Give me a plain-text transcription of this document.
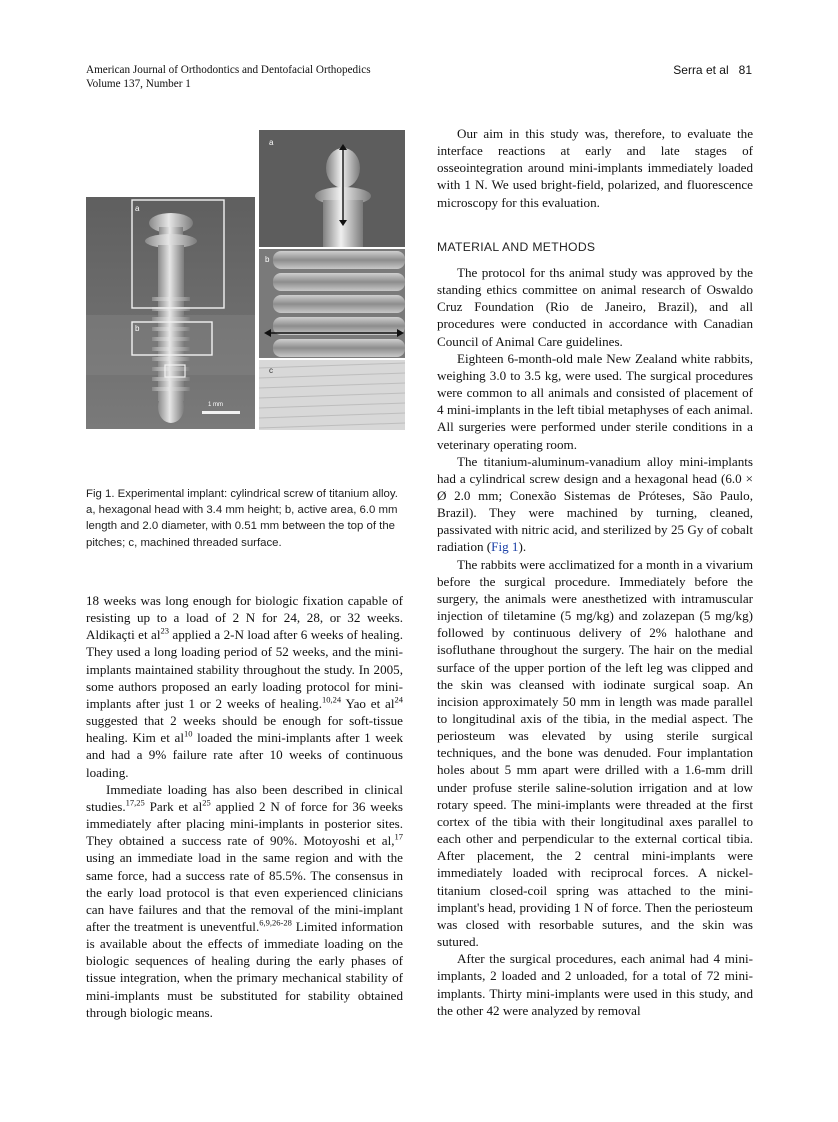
American Journal of Orthodontics and Dentofacial Orthopedics
Volume 137, Number 1
Serra et al 81
a
b
1 mm
a
b
c
Fig 1. Experimental implant: cylindrical screw of titanium alloy. a, hexagonal head with 3.4 mm height; b, active area, 6.0 mm length and 2.0 diameter, with 0.51 mm between the top of the pitches; c, machined threaded surface.

18 weeks was long enough for biologic fixation capable of resisting up to a load of 2 N for 24, 28, or 32 weeks. Aldikaçti et $al^{23}$ applied a 2-N load after 6 weeks of healing. They used a long loading period of 52 weeks, and the mini-implants maintained stability throughout the study. In 2005, some authors proposed an early loading protocol for mini-implants after just 1 or 2 weeks of healing.$^{10,24}$ Yao et $al^{24}$ suggested that 2 weeks should be enough for soft-tissue healing. Kim et $al^{10}$ loaded the mini-implants after 1 week and had a 9% failure rate after 10 weeks of continuous loading.

Immediate loading has also been described in clinical studies.$^{17,25}$ Park et $al^{25}$ applied 2 N of force for 36 weeks immediately after placing mini-implants in posterior sites. They obtained a success rate of 90%. Motoyoshi et al,$^{17}$ using an immediate load in the same region and with the same force, had a success rate of 85.5%. The consensus in the early load protocol is that even experienced clinicians can have failures and that the removal of the mini-implant after the treatment is uneventful.$^{6,9,26-28}$ Limited information is available about the effects of immediate loading on the biologic sequences of healing during the early phases of tissue integration, when the primary mechanical stability of mini-implants must be substituted for stability obtained through biologic means.

Our aim in this study was, therefore, to evaluate the interface reactions at early and late stages of osseointegration around mini-implants immediately loaded with 1 N. We used bright-field, polarized, and fluorescence microscopy for this evaluation.

MATERIAL AND METHODS

The protocol for ths animal study was approved by the standing ethics committee on animal research of Oswaldo Cruz Foundation (Rio de Janeiro, Brazil), and all procedures were conducted in accordance with Canadian Council of Animal Care guidelines.

Eighteen 6-month-old male New Zealand white rabbits, weighing 3.0 to 3.5 kg, were used. The surgical procedures were common to all animals and consisted of placement of 4 mini-implants in the left tibial metaphyses of each animal. All surgeries were performed under sterile conditions in a veterinary operating room.

The titanium-aluminum-vanadium alloy mini-implants had a cylindrical screw design and a hexagonal head (6.0 × Ø 2.0 mm; Conexão Sistemas de Próteses, São Paulo, Brazil). They were machined by turning, cleaned, passivated with nitric acid, and sterilized by 25 Gy of cobalt radiation (Fig 1).

The rabbits were acclimatized for a month in a vivarium before the surgical procedure. Immediately before the surgery, the animals were anesthetized with intramuscular injection of tiletamine (5 mg/kg) and zolazepan (5 mg/kg) followed by continuous delivery of 2% halothane and isofluthane throughout the surgery. The hair on the medial surface of the upper portion of the left leg was clipped and the skin was cleansed with iodinate surgical soap. An incision approximately 50 mm in length was made parallel to longitudinal axis of the tibia, in the medial aspect. The periosteum was elevated by using sterile surgical techniques, and the bone was denuded. Four implantation holes about 5 mm apart were drilled with a 1.6-mm drill under profuse sterile saline-solution irrigation and at low rotary speed. The mini-implants were threaded at the first cortex of the tibia with their longitudinal axes parallel to each other and perpendicular to the external cortical tibia. After placement, the 2 central mini-implants were immediately loaded with reciprocal forces. A nickel-titanium closed-coil spring was attached to the mini-implant's head, providing 1 N of force. Then the periosteum was closed with resorbable sutures, and the skin was sutured.

After the surgical procedures, each animal had 4 mini-implants, 2 loaded and 2 unloaded, for a total of 72 mini-implants. Thirty mini-implants were used in this study, and the other 42 were analyzed by removal
